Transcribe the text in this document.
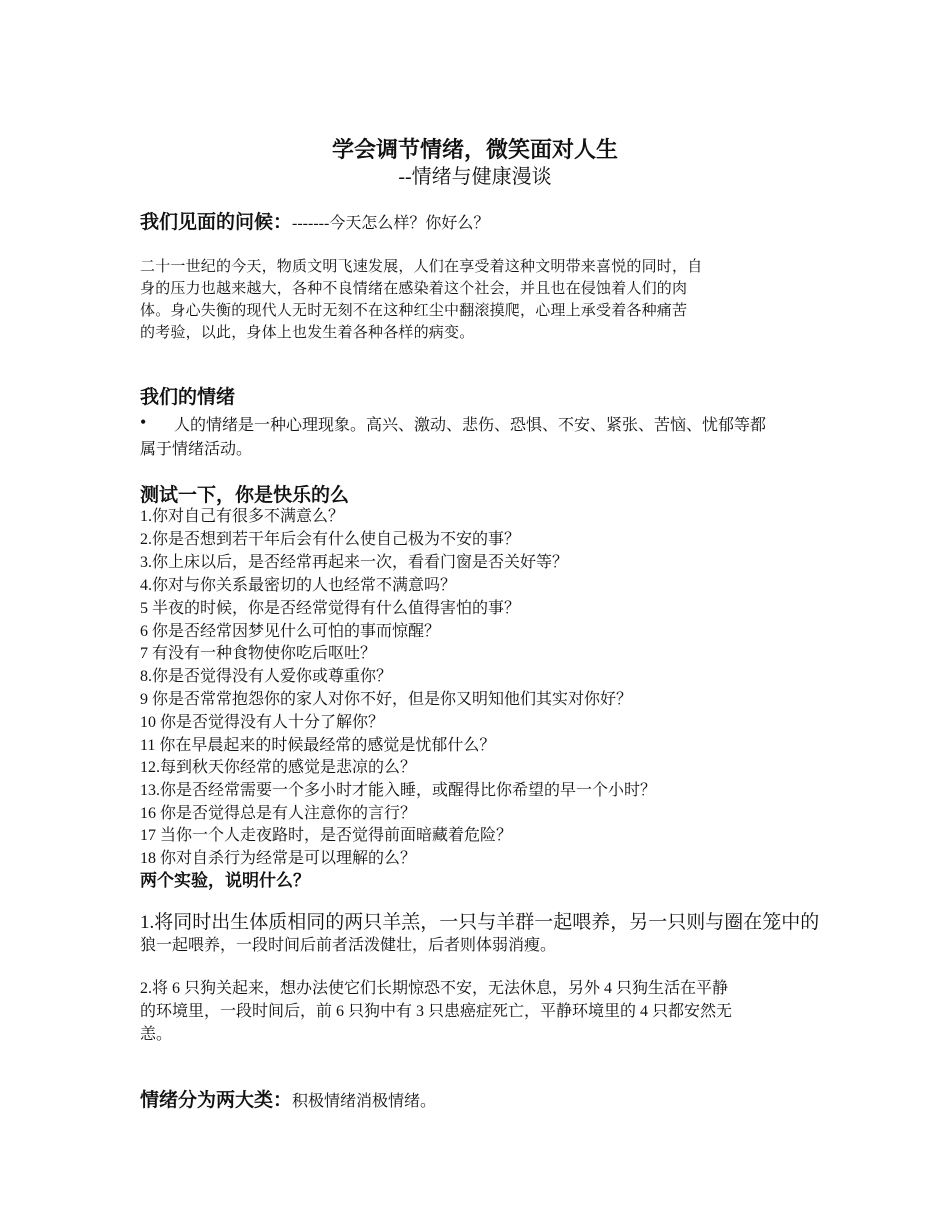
学会调节情绪，微笑面对人生
--情绪与健康漫谈
我们见面的问候：-------今天怎么样？你好么？
二十一世纪的今天，物质文明飞速发展，人们在享受着这种文明带来喜悦的同时，自
身的压力也越来越大，各种不良情绪在感染着这个社会，并且也在侵蚀着人们的肉
体。身心失衡的现代人无时无刻不在这种红尘中翻滚摸爬，心理上承受着各种痛苦
的考验，以此，身体上也发生着各种各样的病变。
我们的情绪
• 人的情绪是一种心理现象。高兴、激动、悲伤、恐惧、不安、紧张、苦恼、忧郁等都
属于情绪活动。
测试一下，你是快乐的么
1.你对自己有很多不满意么？
2.你是否想到若干年后会有什么使自己极为不安的事？
3.你上床以后，是否经常再起来一次，看看门窗是否关好等？
4.你对与你关系最密切的人也经常不满意吗？
5 半夜的时候，你是否经常觉得有什么值得害怕的事？
6 你是否经常因梦见什么可怕的事而惊醒？
7 有没有一种食物使你吃后呕吐？
8.你是否觉得没有人爱你或尊重你？
9 你是否常常抱怨你的家人对你不好，但是你又明知他们其实对你好？
10 你是否觉得没有人十分了解你？
11 你在早晨起来的时候最经常的感觉是忧郁什么？
12.每到秋天你经常的感觉是悲凉的么？
13.你是否经常需要一个多小时才能入睡，或醒得比你希望的早一个小时？
16 你是否觉得总是有人注意你的言行？
17 当你一个人走夜路时，是否觉得前面暗藏着危险？
18 你对自杀行为经常是可以理解的么？
两个实验，说明什么？
1.将同时出生体质相同的两只羊羔，一只与羊群一起喂养，另一只则与圈在笼中的
狼一起喂养，一段时间后前者活泼健壮，后者则体弱消瘦。
2.将 6 只狗关起来，想办法使它们长期惊恐不安，无法休息，另外 4 只狗生活在平静
的环境里，一段时间后，前 6 只狗中有 3 只患癌症死亡，平静环境里的 4 只都安然无
恙。
情绪分为两大类：积极情绪消极情绪。
